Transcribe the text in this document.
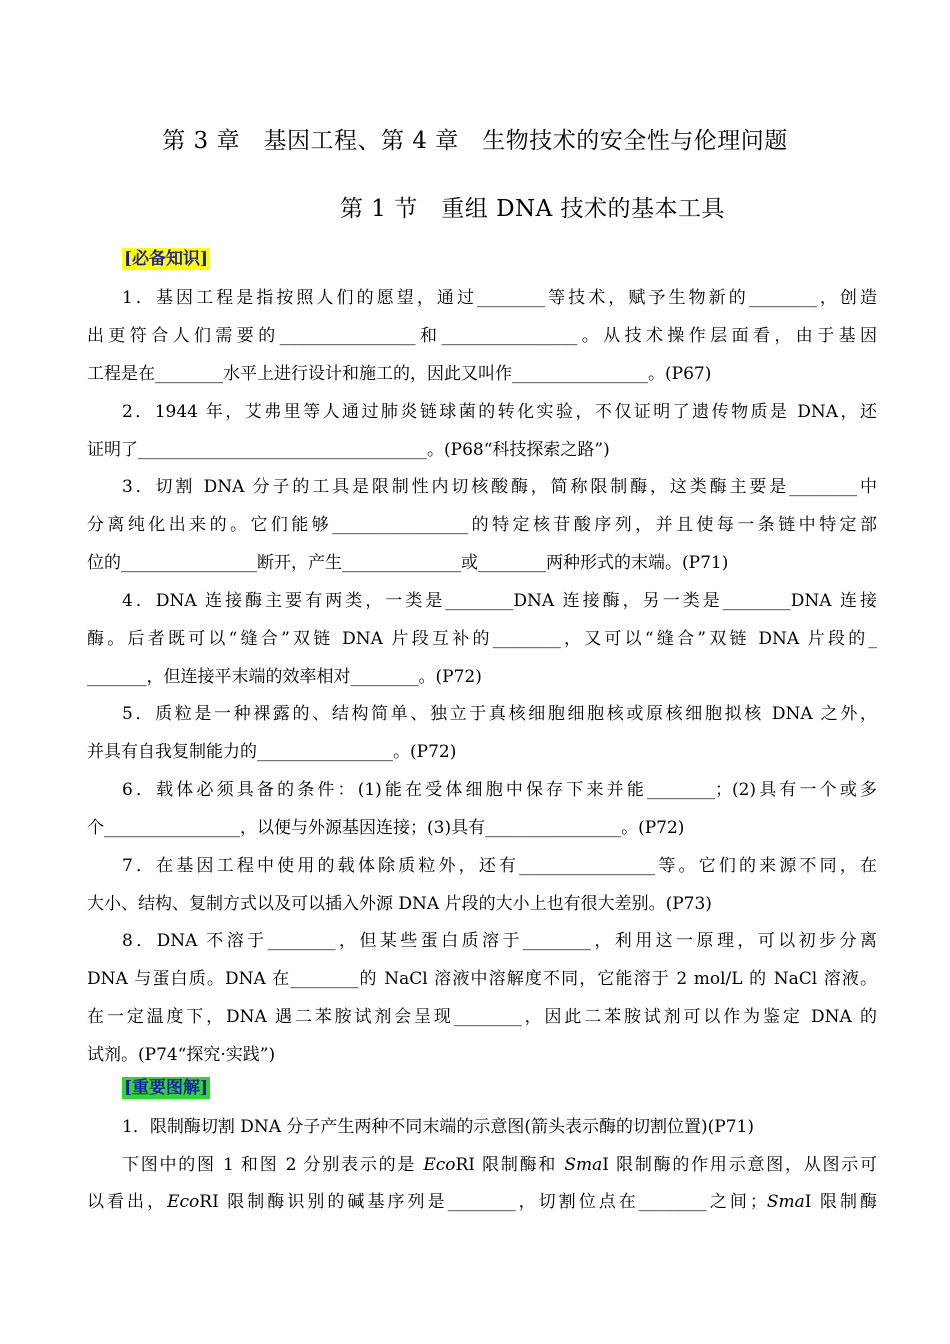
第 3 章　基因工程、第 4 章　生物技术的安全性与伦理问题
第 1 节　重组 DNA 技术的基本工具
[必备知识]
1．基因工程是指按照人们的愿望，通过________等技术，赋予生物新的________，创造
出更符合人们需要的________________和________________。从技术操作层面看，由于基因
工程是在________水平上进行设计和施工的，因此又叫作________________。(P67)
2．1944 年，艾弗里等人通过肺炎链球菌的转化实验，不仅证明了遗传物质是 DNA，还
证明了__________________________________。(P68“科技探索之路”)
3．切割 DNA 分子的工具是限制性内切核酸酶，简称限制酶，这类酶主要是________中
分离纯化出来的。它们能够________________的特定核苷酸序列，并且使每一条链中特定部
位的________________断开，产生______________或________两种形式的末端。(P71)
4．DNA 连接酶主要有两类，一类是________DNA 连接酶，另一类是________DNA 连接
酶。后者既可以“缝合”双链 DNA 片段互补的________，又可以“缝合”双链 DNA 片段的_
_______，但连接平末端的效率相对________。(P72)
5．质粒是一种裸露的、结构简单、独立于真核细胞细胞核或原核细胞拟核 DNA 之外，
并具有自我复制能力的________________。(P72)
6．载体必须具备的条件：(1)能在受体细胞中保存下来并能________；(2)具有一个或多
个________________，以便与外源基因连接；(3)具有________________。(P72)
7．在基因工程中使用的载体除质粒外，还有________________等。它们的来源不同，在
大小、结构、复制方式以及可以插入外源 DNA 片段的大小上也有很大差别。(P73)
8．DNA 不溶于________，但某些蛋白质溶于________，利用这一原理，可以初步分离
DNA 与蛋白质。DNA 在________的 NaCl 溶液中溶解度不同，它能溶于 2 mol/L 的 NaCl 溶液。
在一定温度下，DNA 遇二苯胺试剂会呈现________，因此二苯胺试剂可以作为鉴定 DNA 的
试剂。(P74“探究·实践”)
[重要图解]
1．限制酶切割 DNA 分子产生两种不同末端的示意图(箭头表示酶的切割位置)(P71)
下图中的图 1 和图 2 分别表示的是 EcoRI 限制酶和 SmaI 限制酶的作用示意图，从图示可
以看出，EcoRI 限制酶识别的碱基序列是________，切割位点在________之间；SmaI 限制酶
